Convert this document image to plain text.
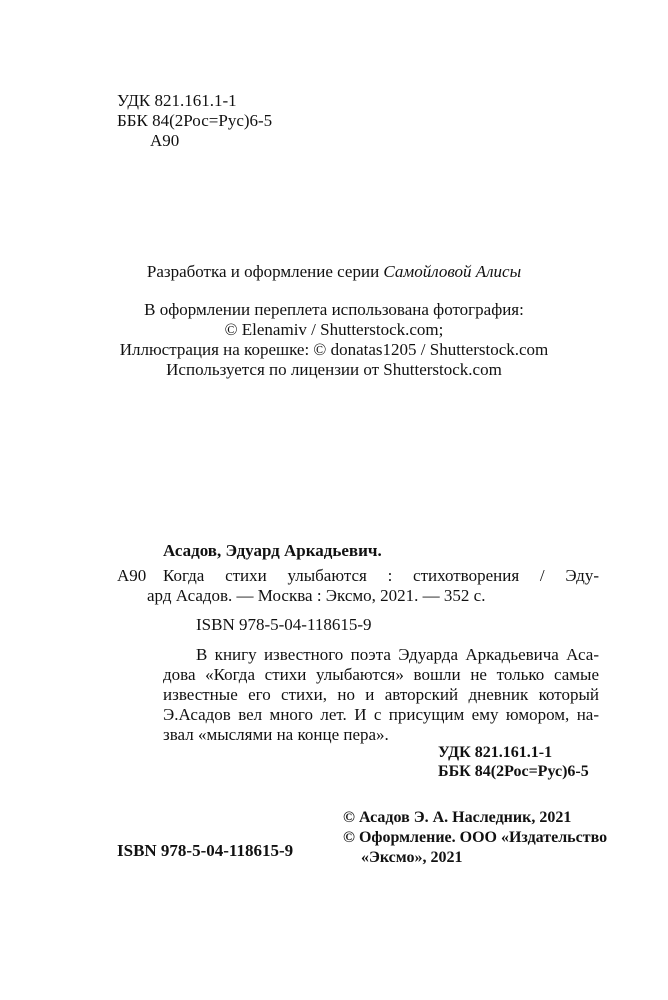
УДК 821.161.1-1
ББК 84(2Рос=Рус)6-5
А90
Разработка и оформление серии Самойловой Алисы
В оформлении переплета использована фотография:
© Elenamiv / Shutterstock.com;
Иллюстрация на корешке: © donatas1205 / Shutterstock.com
Используется по лицензии от Shutterstock.com
Асадов, Эдуард Аркадьевич.
А90 Когда стихи улыбаются : стихотворения / Эду-
ард Асадов. — Москва : Эксмо, 2021. — 352 с.
ISBN 978-5-04-118615-9
В книгу известного поэта Эдуарда Аркадьевича Аса-
дова «Когда стихи улыбаются» вошли не только самые
известные его стихи, но и авторский дневник который
Э.Асадов вел много лет. И с присущим ему юмором, на-
звал «мыслями на конце пера».
УДК 821.161.1-1
ББК 84(2Рос=Рус)6-5
© Асадов Э. А. Наследник, 2021
© Оформление. ООО «Издательство
«Эксмо», 2021
ISBN 978-5-04-118615-9
